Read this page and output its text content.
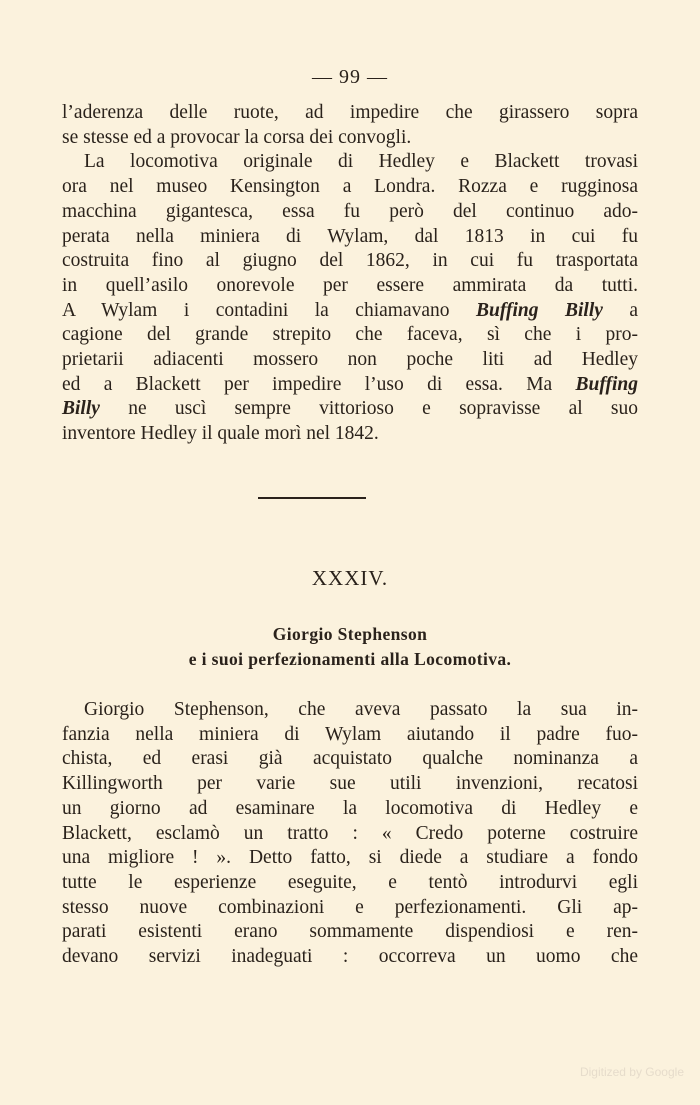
— 99 —

l’aderenza delle ruote, ad impedire che girassero sopra

se stesse ed a provocar la corsa dei convogli.

La locomotiva originale di Hedley e Blackett trovasi

ora nel museo Kensington a Londra. Rozza e rugginosa

macchina gigantesca, essa fu però del continuo ado-

perata nella miniera di Wylam, dal 1813 in cui fu

costruita fino al giugno del 1862, in cui fu trasportata

in quell’asilo onorevole per essere ammirata da tutti.

A Wylam i contadini la chiamavano Buffing Billy a

cagione del grande strepito che faceva, sì che i pro-

prietarii adiacenti mossero non poche liti ad Hedley

ed a Blackett per impedire l’uso di essa. Ma Buffing

Billy ne uscì sempre vittorioso e sopravisse al suo

inventore Hedley il quale morì nel 1842.

XXXIV.
Giorgio Stephenson
e i suoi perfezionamenti alla Locomotiva.

Giorgio Stephenson, che aveva passato la sua in-

fanzia nella miniera di Wylam aiutando il padre fuo-

chista, ed erasi già acquistato qualche nominanza a

Killingworth per varie sue utili invenzioni, recatosi

un giorno ad esaminare la locomotiva di Hedley e

Blackett, esclamò un tratto : « Credo poterne costruire

una migliore ! ». Detto fatto, si diede a studiare a fondo

tutte le esperienze eseguite, e tentò introdurvi egli

stesso nuove combinazioni e perfezionamenti. Gli ap-

parati esistenti erano sommamente dispendiosi e ren-

devano servizi inadeguati : occorreva un uomo che

Digitized by Google
